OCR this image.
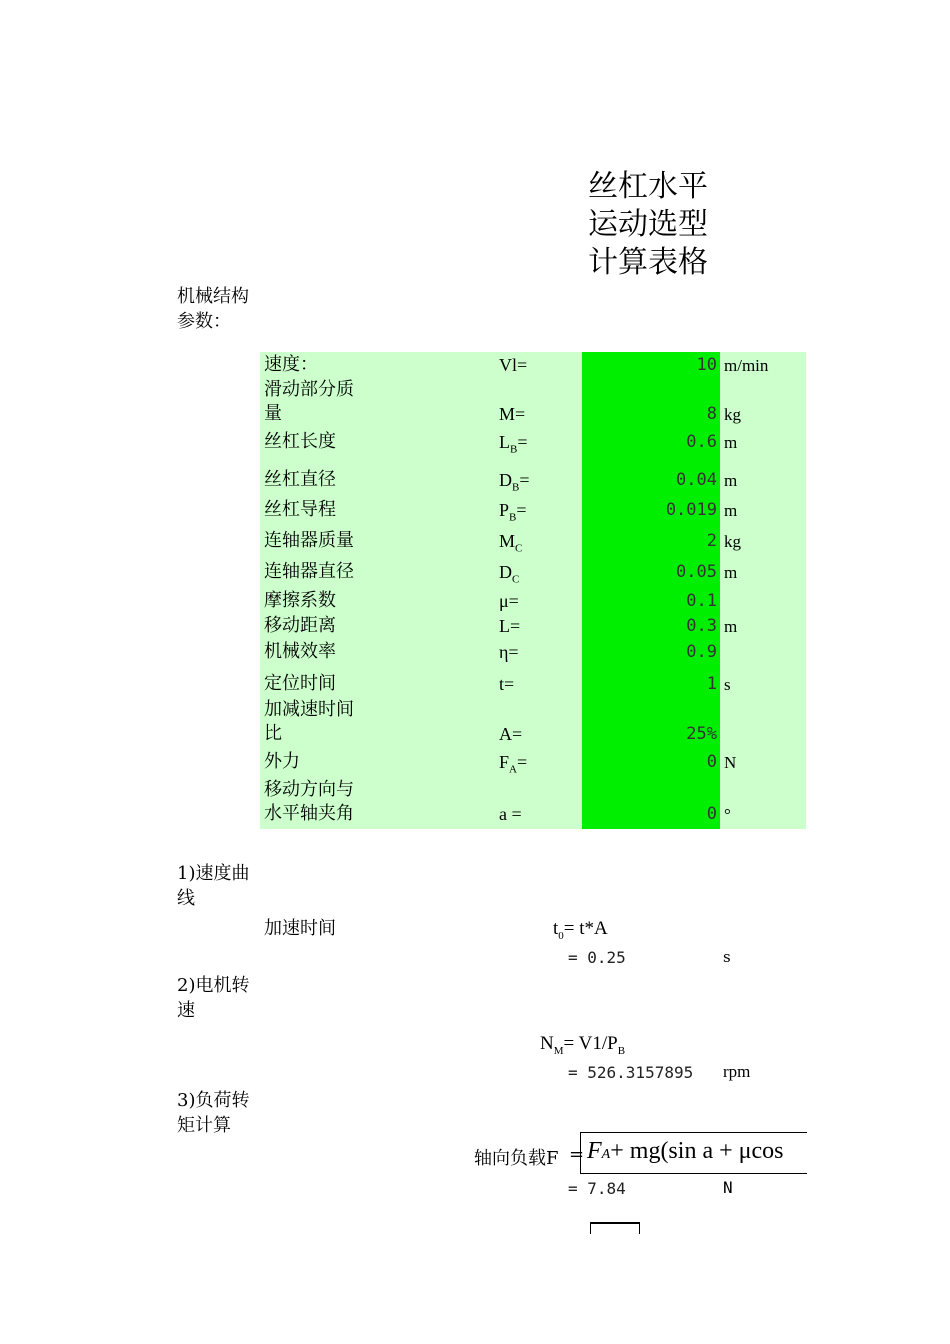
丝杠水平
运动选型
计算表格
机械结构
参数：
速度：	Vl=	10 m/min
滑动部分质
量	M=	8 kg
丝杠长度	$L_B=$	0.6 m
丝杠直径	$D_B=$	0.04 m
丝杠导程	$P_B=$	0.019 m
连轴器质量	$M_C$	2 kg
连轴器直径	$D_C$	0.05 m
摩擦系数	μ=	0.1
移动距离	L=	0.3 m
机械效率	η=	0.9
定位时间	t=	1 s
加减速时间
比	A=	25%
外力	$F_A=$	0 N
移动方向与
水平轴夹角	a =	0 °
1)速度曲
线
加速时间	$t_0= t*A$
= 0.25	s
2)电机转
速
$N_M= V1/P_B$
= 526.3157895 rpm
3)负荷转
矩计算
轴向负载F = FA+ mg(sin a + μcos
= 7.84	N
